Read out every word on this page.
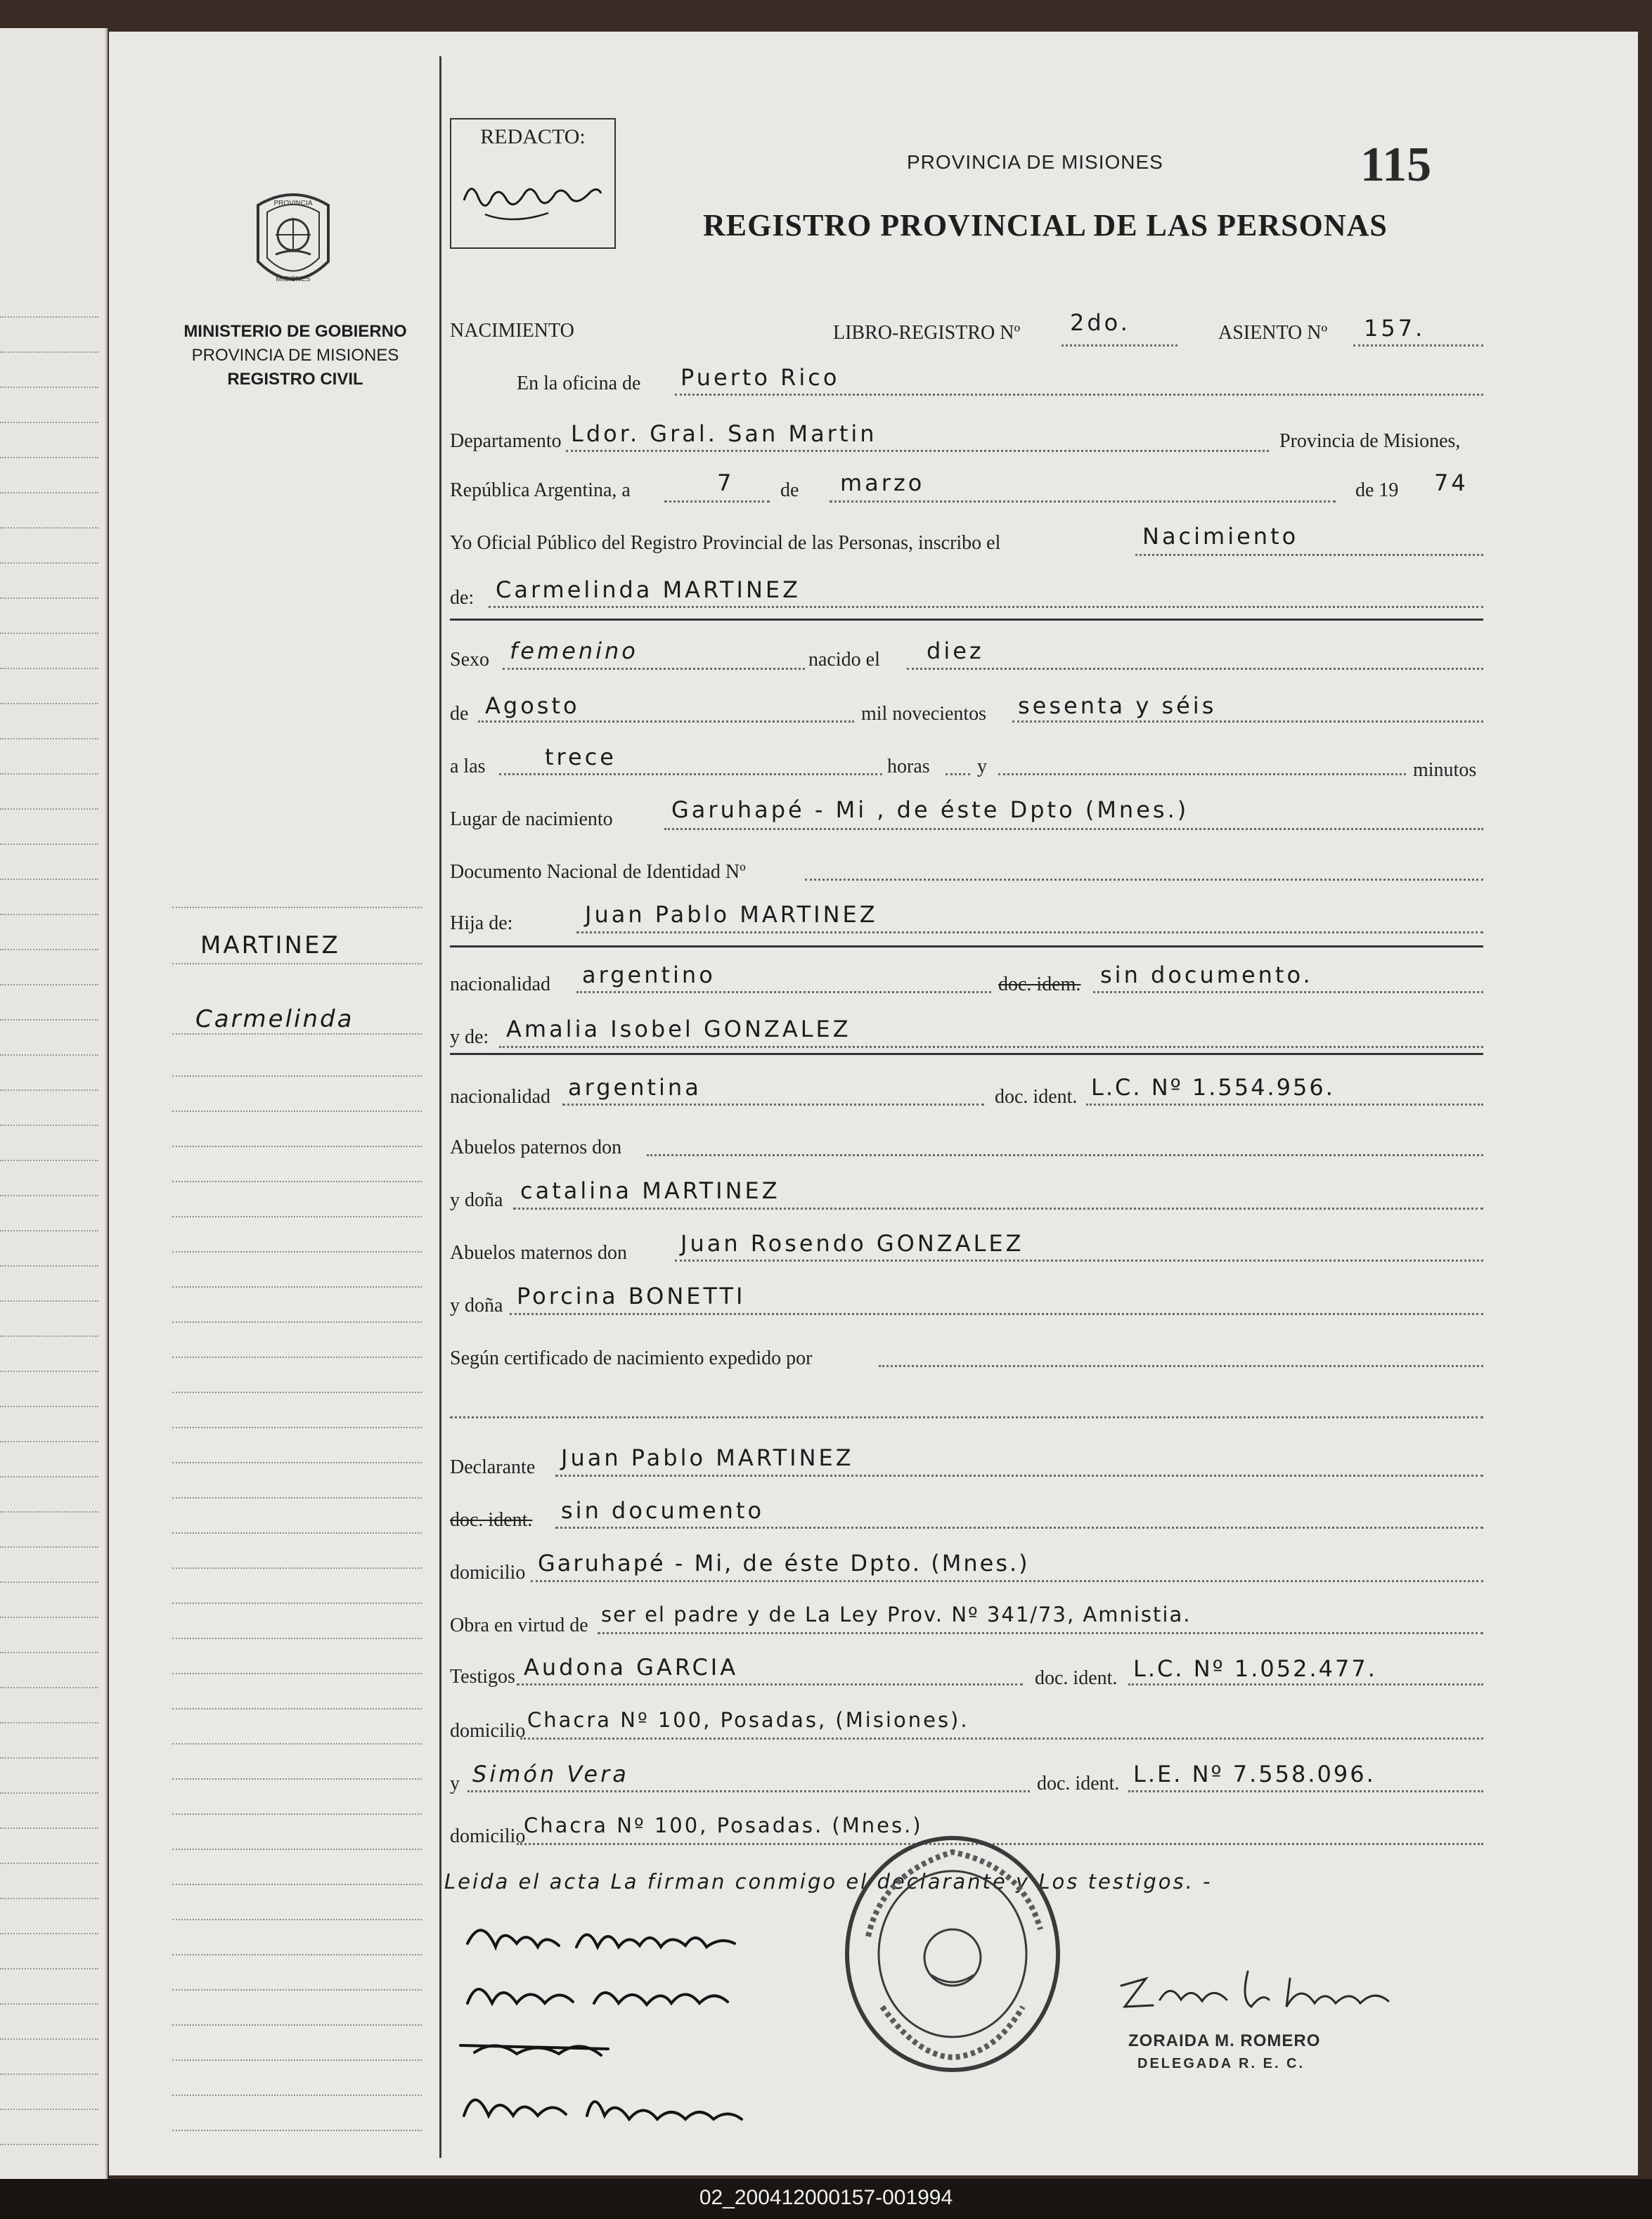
PROVINCIA
MISIONES
MINISTERIO DE GOBIERNO
PROVINCIA DE MISIONES
REGISTRO CIVIL
MARTINEZ
Carmelinda
REDACTO:
PROVINCIA DE MISIONES
REGISTRO PROVINCIAL DE LAS PERSONAS
115
NACIMIENTO	LIBRO-REGISTRO Nº 2do.	ASIENTO Nº 157.
En la oficina de Puerto Rico
Departamento Ldor. Gral. San Martin	Provincia de Misiones,
República Argentina, a	7 de marzo	de 19 74
Yo Oficial Público del Registro Provincial de las Personas, inscribo el	Nacimiento
de: Carmelinda MARTINEZ
Sexo femenino	nacido el diez
de Agosto	mil novecientos sesenta y séis
a las	trece	horas y	minutos
Lugar de nacimiento	Garuhapé - Mi , de éste Dpto (Mnes.)
Documento Nacional de Identidad Nº
Hija de:	Juan Pablo MARTINEZ
nacionalidad argentino	doc. idem. sin documento.
y de: Amalia Isobel GONZALEZ
nacionalidad argentina	doc. ident. L.C. Nº 1.554.956.
Abuelos paternos don
y doña catalina MARTINEZ
Abuelos maternos don Juan Rosendo GONZALEZ
y doña Porcina BONETTI
Según certificado de nacimiento expedido por
Declarante Juan Pablo MARTINEZ
doc. ident. sin documento
domicilio Garuhapé - Mi, de éste Dpto. (Mnes.)
Obra en virtud de ser el padre y de La Ley Prov. Nº 341/73, Amnistia.
Testigos Audona GARCIA	doc. ident. L.C. Nº 1.052.477.
domicilio Chacra Nº 100, Posadas, (Misiones).
y Simón Vera	doc. ident. L.E. Nº 7.558.096.
domicilio
Chacra Nº 100, Posadas. (Mnes.)
Leida el acta La firman conmigo el declarante y Los testigos. -
ZORAIDA M. ROMERO
DELEGADA R. E. C.
02_200412000157-001994
